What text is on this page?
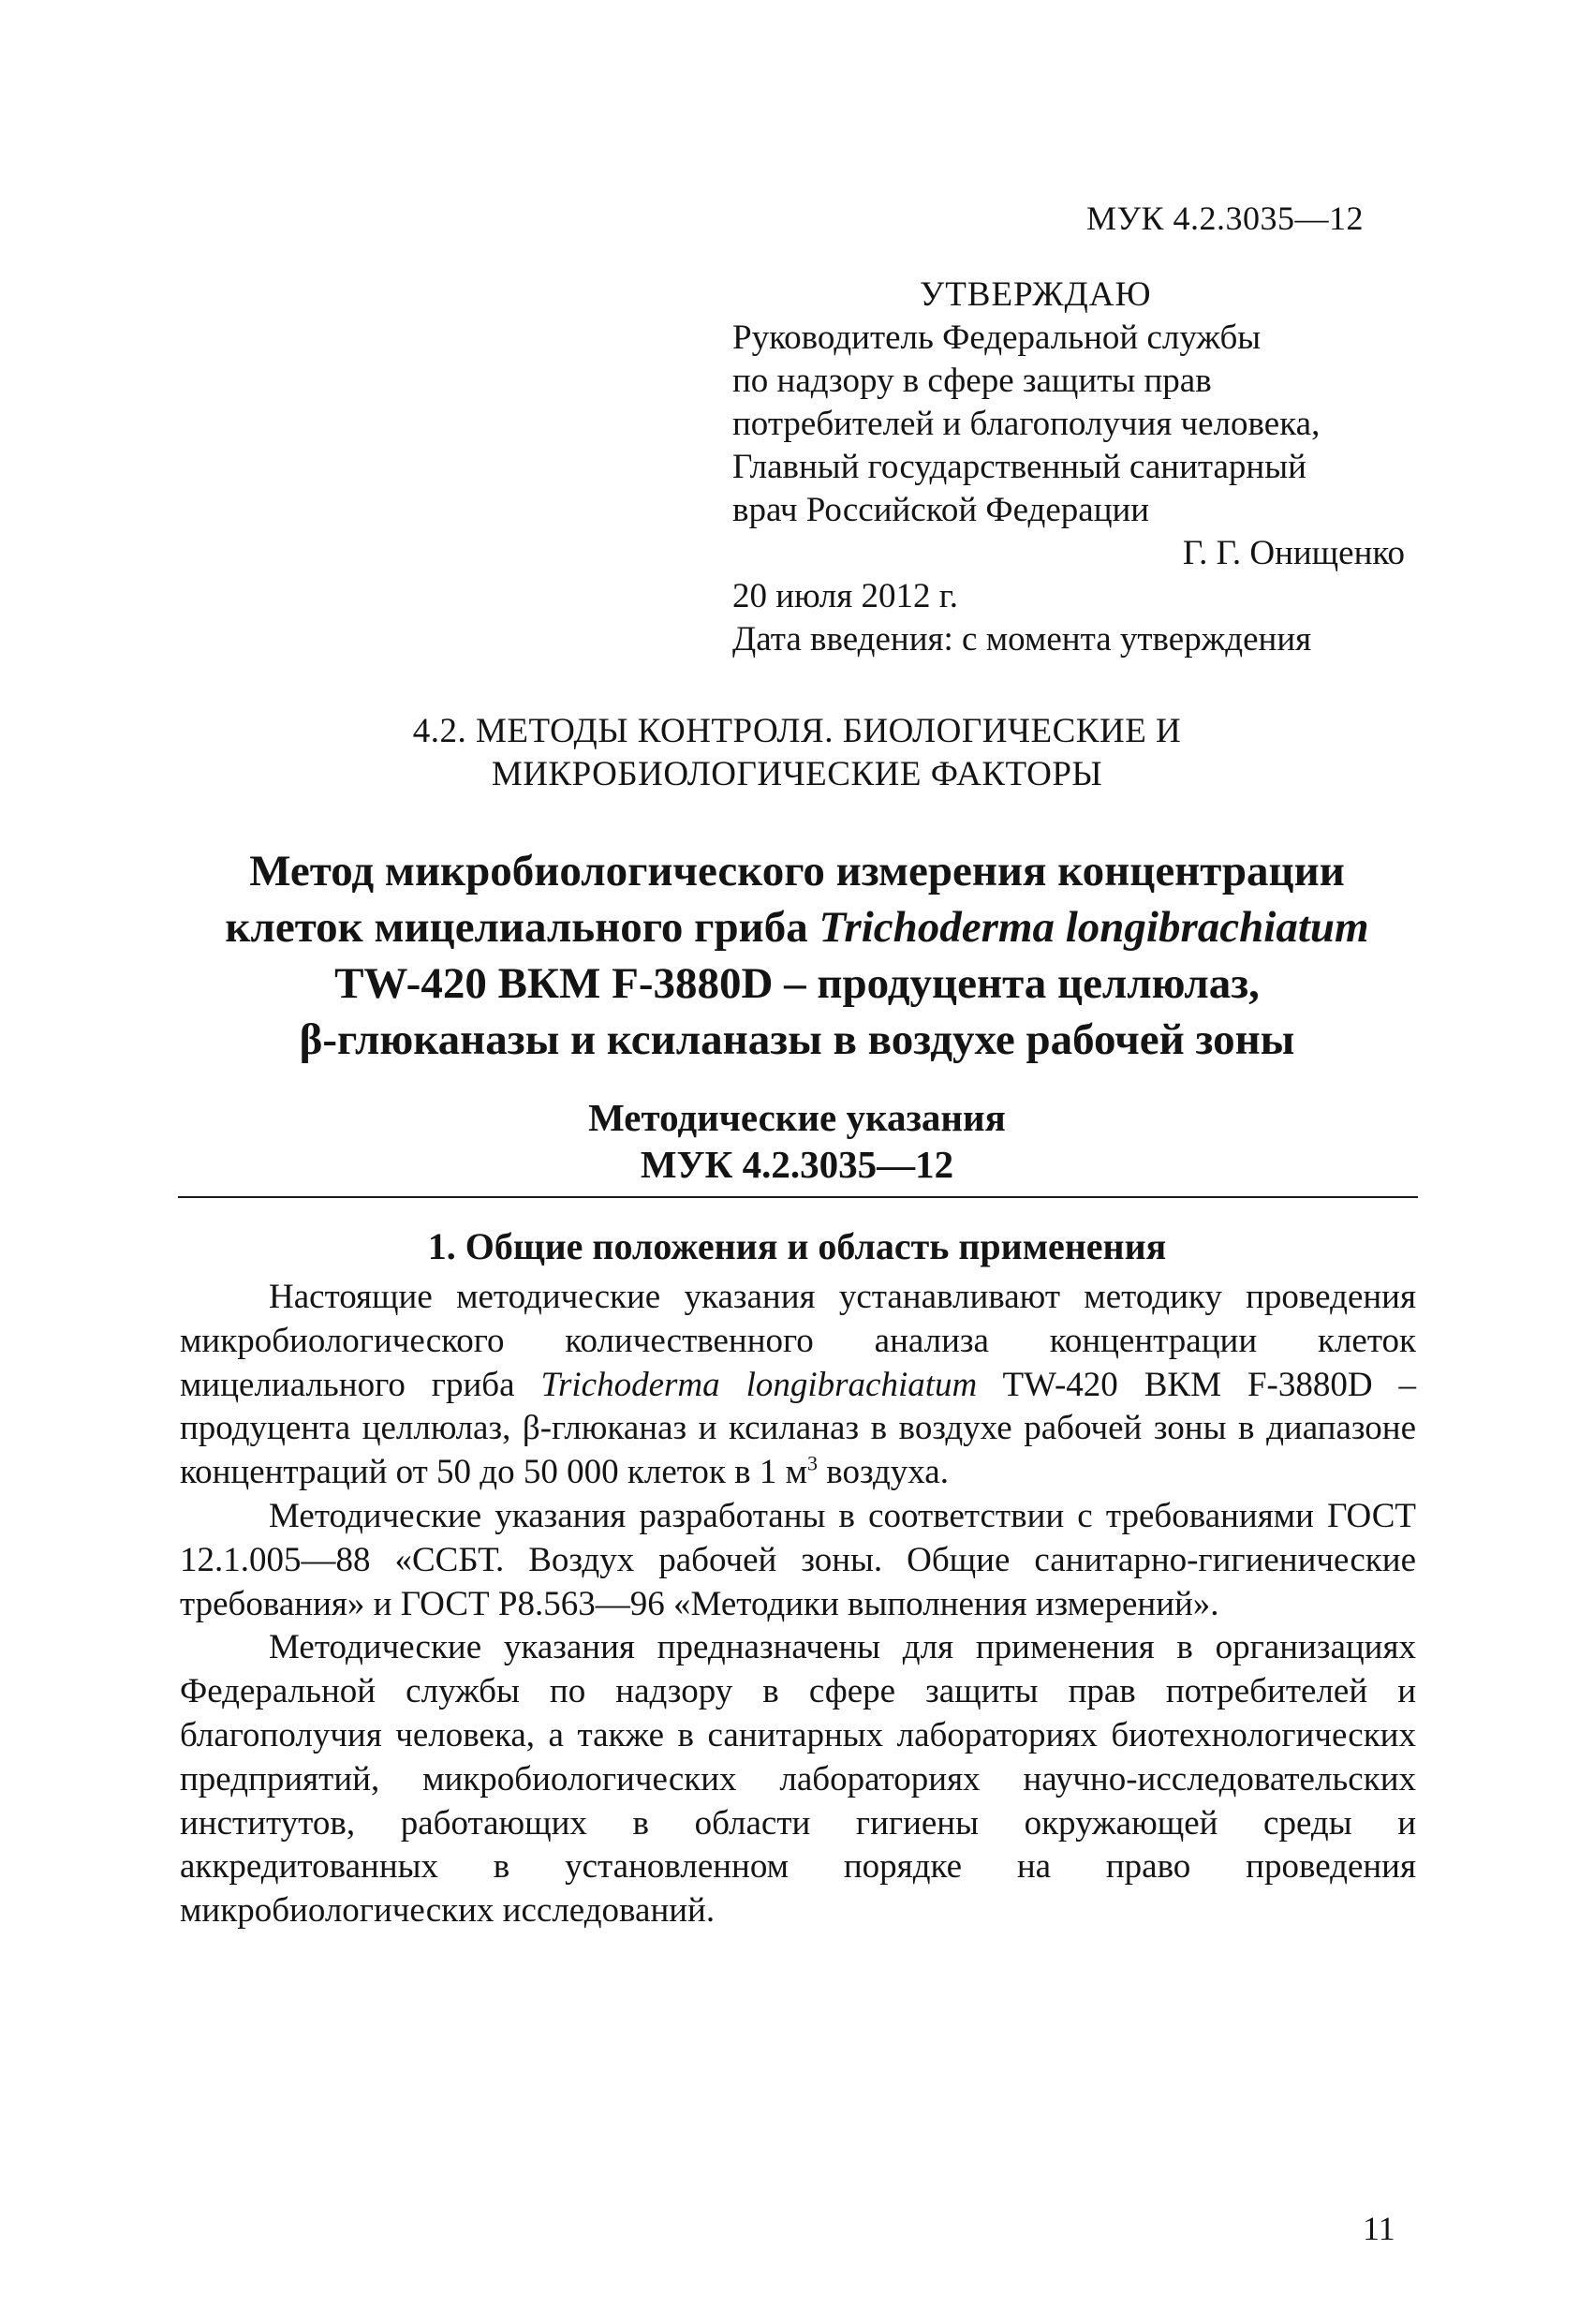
МУК 4.2.3035—12
УТВЕРЖДАЮ
Руководитель Федеральной службы
по надзору в сфере защиты прав
потребителей и благополучия человека,
Главный государственный санитарный
врач Российской Федерации
Г. Г. Онищенко
20 июля 2012 г.
Дата введения: с момента утверждения
4.2. МЕТОДЫ КОНТРОЛЯ. БИОЛОГИЧЕСКИЕ И
МИКРОБИОЛОГИЧЕСКИЕ ФАКТОРЫ
Метод микробиологического измерения концентрации
клеток мицелиального гриба Trichoderma longibrachiatum
TW-420 ВКМ F-3880D – продуцента целлюлаз,
β-глюканазы и ксиланазы в воздухе рабочей зоны
Методические указания
МУК 4.2.3035—12
1. Общие положения и область применения

Настоящие методические указания устанавливают методику проведения микробиологического количественного анализа концентрации клеток мицелиального гриба Trichoderma longibrachiatum TW-420 ВКМ F-3880D – продуцента целлюлаз, β-глюканаз и ксиланаз в воздухе рабочей зоны в диапазоне концентраций от 50 до 50 000 клеток в 1 $м^3$ воздуха.

Методические указания разработаны в соответствии с требованиями ГОСТ 12.1.005—88 «ССБТ. Воздух рабочей зоны. Общие санитарно-гигиенические требования» и ГОСТ Р8.563—96 «Методики выполнения измерений».

Методические указания предназначены для применения в организациях Федеральной службы по надзору в сфере защиты прав потребителей и благополучия человека, а также в санитарных лабораториях биотехнологических предприятий, микробиологических лабораториях научно-исследовательских институтов, работающих в области гигиены окружающей среды и аккредитованных в установленном порядке на право проведения микробиологических исследований.

11
